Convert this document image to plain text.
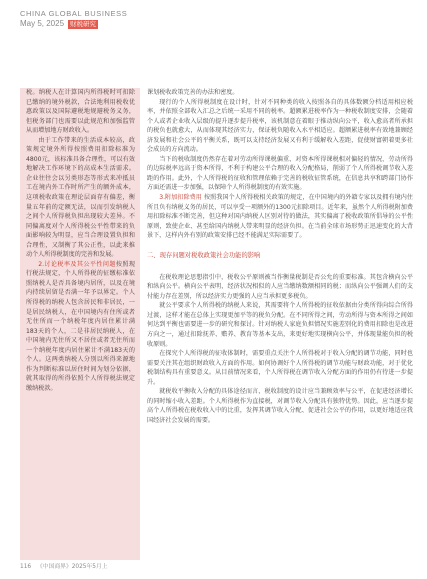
CHINA GLOBAL BUSINESS
May 5, 2025 财税研究

税。纳税人在计算国内所得税时可扣除已缴纳的境外税款，合法地利用税收优惠政策以及国际避税地规避税务义务，但税务部门也需要以此规范和加强监管从而增加地方财政收入。

由于工作带来的生活成本较高，政策规定境外所得按照费用扣除标准为4800元，该标准具备合理性，可以有效地解决工作环境下的高成本生活需求。企业往往会以另类形态等形式来冲抵员工在境内外工作时所产生的额外成本，这项税收政策在理论层面存有偏差，衡量五年前的定额无法，以而引发纳税人之间个人所得税负担出现较大差异。不同偏离度对个人所得税公平性带来的负面影响较为明显，应当合理设置负担和合理性，又制衡了其公正性，以此来推动个人所得税制度的完善和发展。

2.讨论税率及其公平性问题按照现行税法规定，个人所得税的征缴标准依照纳税人是否具备境内居所，以及在境内持续居留是否满一年予以界定。个人所得税的纳税人包含居民和非居民，一是居民纳税人，在中国境内有住所或者无住所而一个纳税年度内居住累计满183天的个人，二是非居民纳税人，在中国境内无住所又不居住或者无住所而一个纳税年度内居住累计不满183天的个人。这两类纳税人分别以所得来源地作为判断标准以居住时间为划分依据，就其取得的所得依照个人所得税法规定缴纳税款。

课划税收政策完善的办法和密度。

现行的个人所得税制度在设计时，针对不同种类的收入按照各自的具体数额分档适用相应税率，并依照全部收入汇总之后统一采用不同的税率。超额累进税率作为一种税收制度安排，会随着个人或者企业收入层级的提升逐步提升税率，该机制意在着眼于推动纵向公平，收入愈高者所承担的税负也就愈大，从而体现其经济实力，保证税负随收入水平相适应。超额累进税率有效地兼顾经济发展和社会公平的平衡关系，既可以支持经济发展又有利于缓解收入差距，促使财富朝着更多社会成员的方向流动。

当下的税收制度仍然存在着对劳动所得课税偏重、对资本所得课税相对偏轻的情况，劳动所得的边际税率远高于资本所得，不利于构建公平合理的收入分配格局，削弱了个人所得税调节收入差距的作用。此外，个人所得税的征收和管理依赖于完善的税收征管系统，在信息共享和跨部门协作方面还需进一步加强，以保障个人所得税制度的有效实施。

3.附加扣除费用 按照我国个人所得税相关政策的规定，在中国境内的外籍专家以及拥有境内住所且负有纳税义务的居民，可以享受一项额外的1300元扣除项目。近年来，虽然个人所得税附加费用扣除标准不断完善，但这种对国内纳税人区别对待的做法，其实偏离了税收政策所倡导的公平性原则，致使企业、甚至给国内纳税人带来明显的经济负担。在当前全球市场形势正迅速变化的大背景下，这样内外有别的政策安排已经不能满足实际需要了。

二、现存问题对税收政策社会功能的影响

在税收理论思想指引中，税收公平原则被当作衡量税制是否公允的重要标准。其包含横向公平和纵向公平。横向公平表明，经济状况相似的人应当缴纳数额相同的税；而纵向公平强调人们的支付能力存在差别，所以经济实力更强的人应当承担更多税负。

就公平要求个人所得税的纳税人来说，其需要将个人所得税的征收依据由分类所得向综合所得过渡，这样才能在总体上实现更加平等的税负分配。在不同所得之间，劳动所得与资本所得之间如何达到平衡也需要进一步的研究和探讨。针对纳税人家庭负担情况实施差别化的费用扣除也是改进方向之一，通过扣除抚养、赡养、教育等基本支出，来更好地实现横向公平，并体现量能负担的税收原则。

在探究个人所得税的征收体制时，需要重点关注个人所得税对于收入分配的调节功能，同时也需要关注其在组织财政收入方面的作用。如何协调好个人所得税的调节功能与财政功能，对于优化税制结构具有重要意义。从目前情况来看，个人所得税在调节收入分配方面的作用仍有待进一步提升。

就税收平衡收入分配的具体途径而言，税收制度的设计应当兼顾效率与公平，在促进经济增长的同时缩小收入差距。个人所得税作为直接税，对调节收入分配具有独特优势。因此，应当逐步提高个人所得税在税收收入中的比重，发挥其调节收入分配、促进社会公平的作用，以更好地适应我国经济社会发展的需要。

116 《中国商界》2025年5月上
